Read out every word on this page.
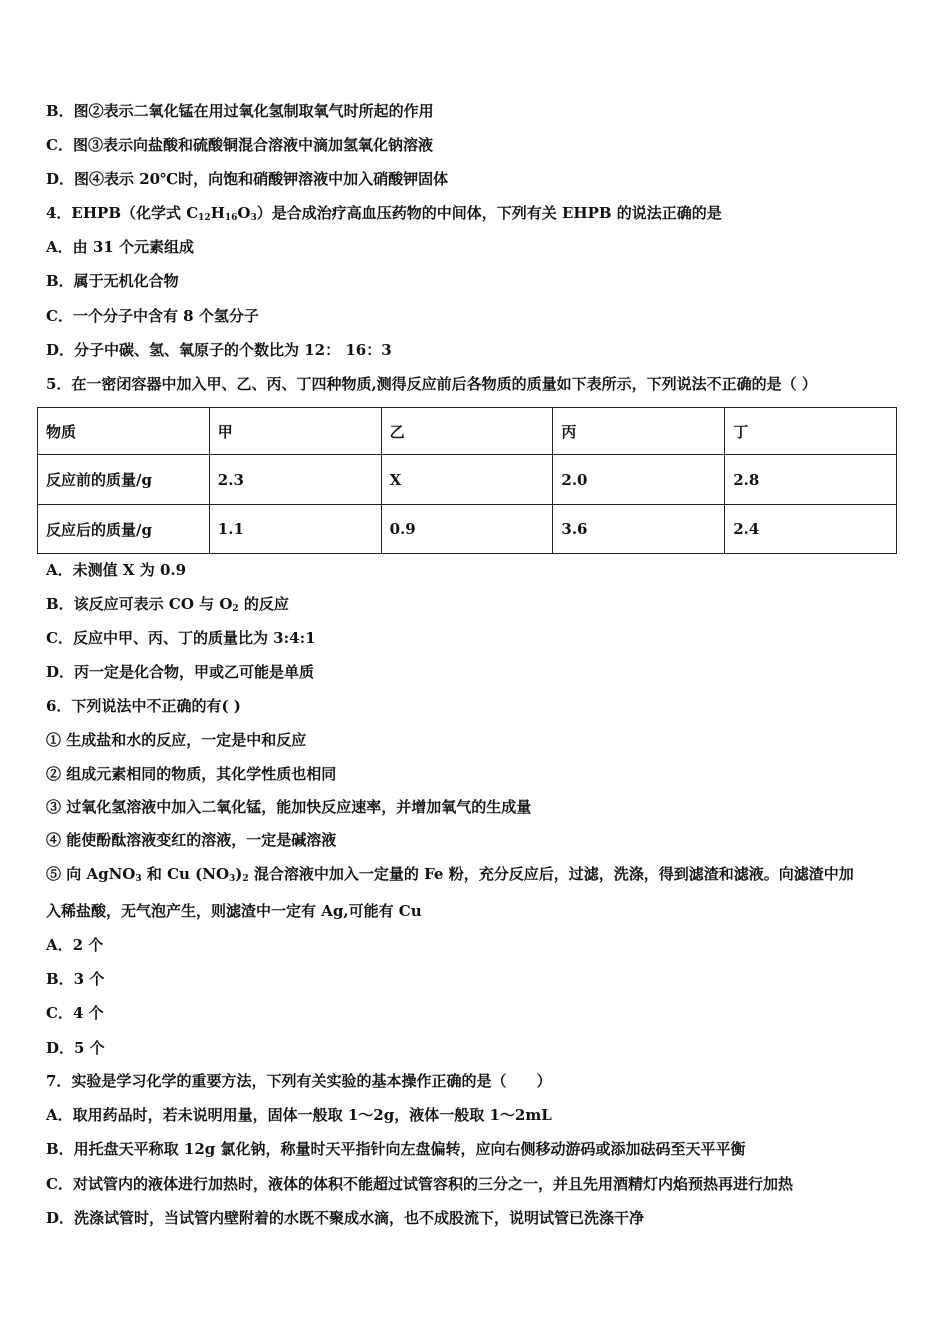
B．图②表示二氧化锰在用过氧化氢制取氧气时所起的作用
C．图③表示向盐酸和硫酸铜混合溶液中滴加氢氧化钠溶液
D．图④表示 20℃时，向饱和硝酸钾溶液中加入硝酸钾固体
4．EHPB（化学式 $C_{12}H_{16}O_3$）是合成治疗高血压药物的中间体，下列有关 EHPB 的说法正确的是
A．由 31 个元素组成
B．属于无机化合物
C．一个分子中含有 8 个氢分子
D．分子中碳、氢、氧原子的个数比为 12： 16：3
5．在一密闭容器中加入甲、乙、丙、丁四种物质,测得反应前后各物质的质量如下表所示，下列说法不正确的是（ ）
物质	甲	乙	丙	丁
反应前的质量/g	2.3	X	2.0	2.8
反应后的质量/g	1.1	0.9	3.6	2.4
A．未测值 X 为 0.9
B．该反应可表示 CO 与 $O_2$ 的反应
C．反应中甲、丙、丁的质量比为 3:4:1
D．丙一定是化合物，甲或乙可能是单质
6．下列说法中不正确的有( )
① 生成盐和水的反应，一定是中和反应
② 组成元素相同的物质，其化学性质也相同
③ 过氧化氢溶液中加入二氧化锰，能加快反应速率，并增加氧气的生成量
④ 能使酚酞溶液变红的溶液，一定是碱溶液
⑤ 向 AgNO$_3$ 和 Cu $(NO_3)_2$ 混合溶液中加入一定量的 Fe 粉，充分反应后，过滤，洗涤，得到滤渣和滤液。向滤渣中加
入稀盐酸，无气泡产生，则滤渣中一定有 Ag,可能有 Cu
A．2 个
B．3 个
C．4 个
D．5 个
7．实验是学习化学的重要方法，下列有关实验的基本操作正确的是（　　）
A．取用药品时，若未说明用量，固体一般取 1～2g，液体一般取 1～2mL
B．用托盘天平称取 12g 氯化钠，称量时天平指针向左盘偏转，应向右侧移动游码或添加砝码至天平平衡
C．对试管内的液体进行加热时，液体的体积不能超过试管容积的三分之一，并且先用酒精灯内焰预热再进行加热
D．洗涤试管时，当试管内壁附着的水既不聚成水滴，也不成股流下，说明试管已洗涤干净
